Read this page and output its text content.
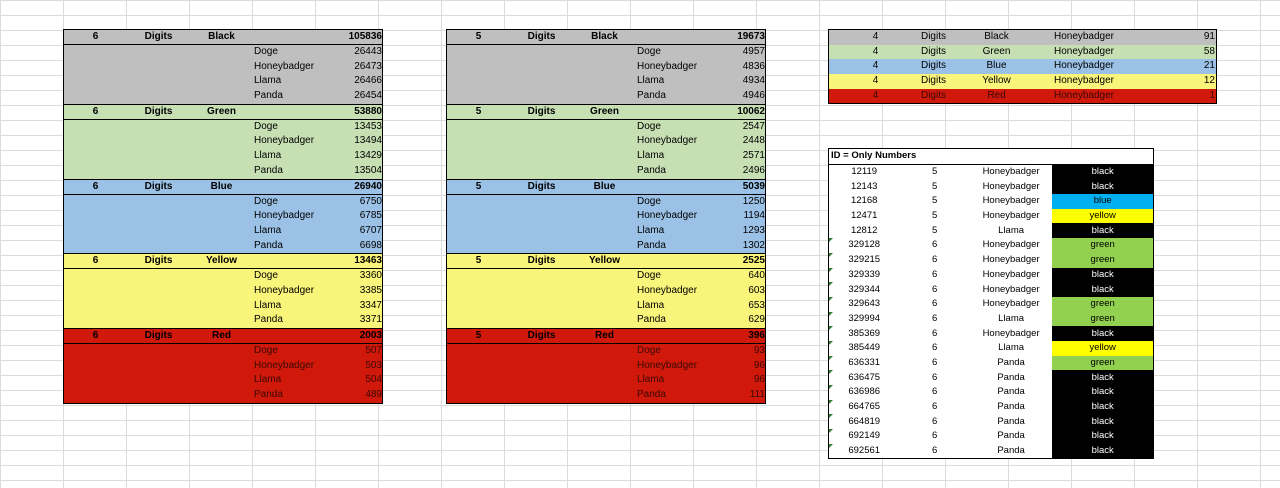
6	Digits	Black	105836
Doge	26443
Honeybadger	26473
Llama	26466
Panda	26454
6	Digits	Green	53880
Doge	13453
Honeybadger	13494
Llama	13429
Panda	13504
6	Digits	Blue	26940
Doge	6750
Honeybadger	6785
Llama	6707
Panda	6698
6	Digits	Yellow	13463
Doge	3360
Honeybadger	3385
Llama	3347
Panda	3371
6	Digits	Red	2003
Doge	507
Honeybadger	503
Llama	504
Panda	489
5	Digits	Black	19673
Doge	4957
Honeybadger	4836
Llama	4934
Panda	4946
5	Digits	Green	10062
Doge	2547
Honeybadger	2448
Llama	2571
Panda	2496
5	Digits	Blue	5039
Doge	1250
Honeybadger	1194
Llama	1293
Panda	1302
5	Digits	Yellow	2525
Doge	640
Honeybadger	603
Llama	653
Panda	629
5	Digits	Red	396
Doge	93
Honeybadger	96
Llama	96
Panda	111
4	Digits	Black	Honeybadger	91
4	Digits	Green	Honeybadger	58
4	Digits	Blue	Honeybadger	21
4	Digits	Yellow	Honeybadger	12
4	Digits	Red	Honeybadger	1
ID = Only Numbers			
12119	5	Honeybadger	black
12143	5	Honeybadger	black
12168	5	Honeybadger	blue
12471	5	Honeybadger	yellow
12812	5	Llama	black
329128	6	Honeybadger	green
329215	6	Honeybadger	green
329339	6	Honeybadger	black
329344	6	Honeybadger	black
329643	6	Honeybadger	green
329994	6	Llama	green
385369	6	Honeybadger	black
385449	6	Llama	yellow
636331	6	Panda	green
636475	6	Panda	black
636986	6	Panda	black
664765	6	Panda	black
664819	6	Panda	black
692149	6	Panda	black
692561	6	Panda	black
